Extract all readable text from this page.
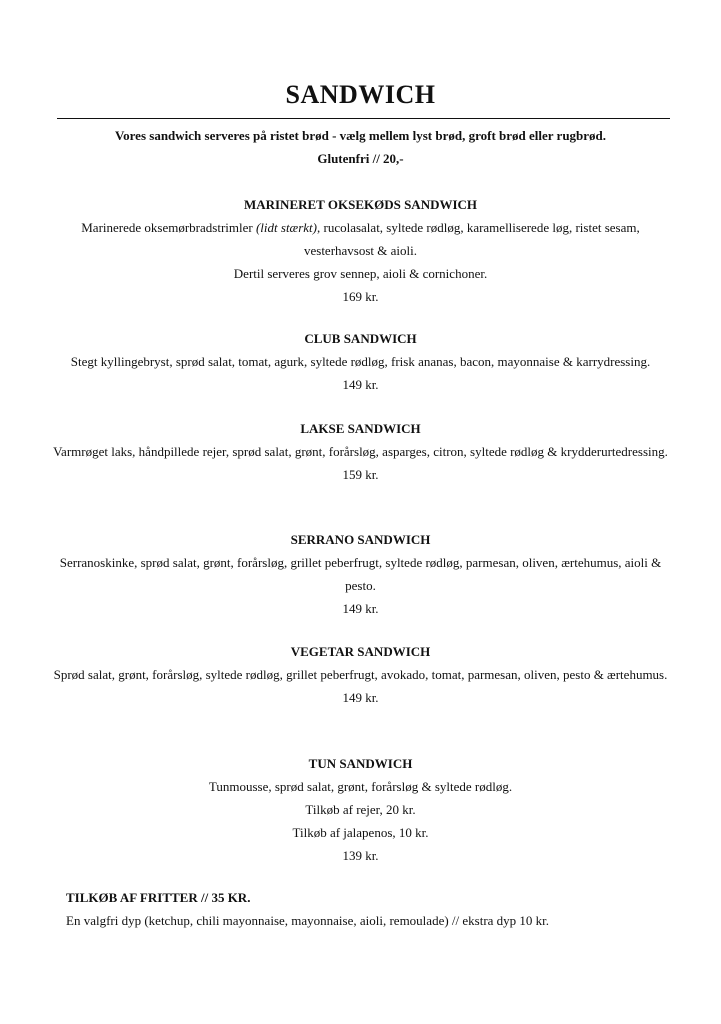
SANDWICH

Vores sandwich serveres på ristet brød - vælg mellem lyst brød, groft brød eller rugbrød.

Glutenfri // 20,-

MARINERET OKSEKØDS SANDWICH

Marinerede oksemørbradstrimler (lidt stærkt), rucolasalat, syltede rødløg, karamelliserede løg, ristet sesam, vesterhavsost & aioli.

Dertil serveres grov sennep, aioli & cornichoner.

169 kr.

CLUB SANDWICH

Stegt kyllingebryst, sprød salat, tomat, agurk, syltede rødløg, frisk ananas, bacon, mayonnaise & karrydressing.

149 kr.

LAKSE SANDWICH

Varmrøget laks, håndpillede rejer, sprød salat, grønt, forårsløg, asparges, citron, syltede rødløg & krydderurtedressing.

159 kr.

SERRANO SANDWICH

Serranoskinke, sprød salat, grønt, forårsløg, grillet peberfrugt, syltede rødløg, parmesan, oliven, ærtehumus, aioli & pesto.

149 kr.

VEGETAR SANDWICH

Sprød salat, grønt, forårsløg, syltede rødløg, grillet peberfrugt, avokado, tomat, parmesan, oliven, pesto & ærtehumus.

149 kr.

TUN SANDWICH

Tunmousse, sprød salat, grønt, forårsløg & syltede rødløg.

Tilkøb af rejer, 20 kr.

Tilkøb af jalapenos, 10 kr.

139 kr.

TILKØB AF FRITTER // 35 KR.

En valgfri dyp (ketchup, chili mayonnaise, mayonnaise, aioli, remoulade) // ekstra dyp 10 kr.
